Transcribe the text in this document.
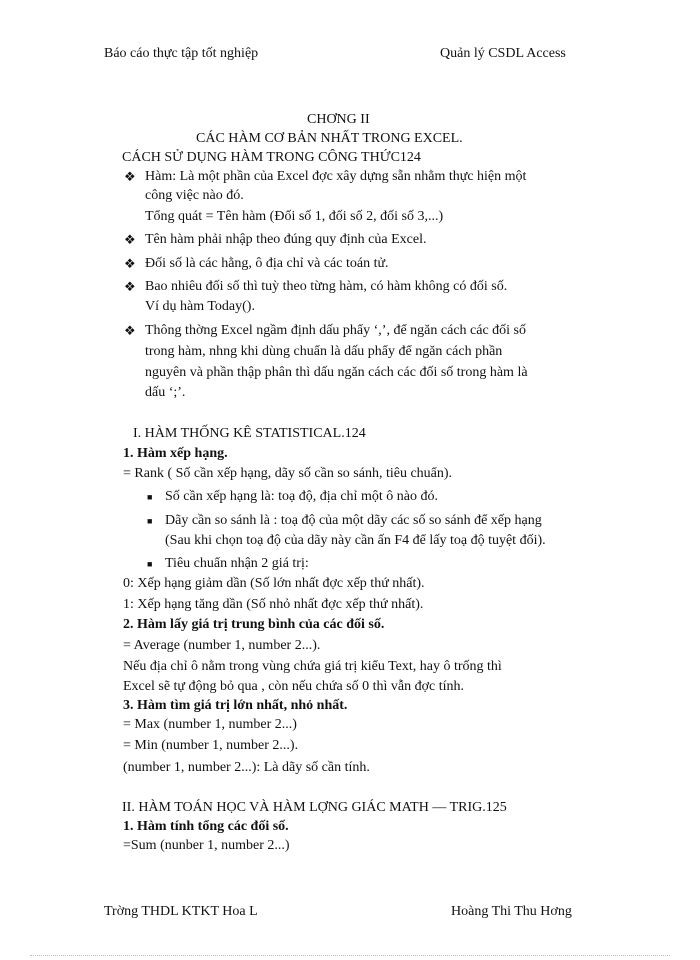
Báo cáo thực tập tốt nghiệp	Quản lý CSDL Access
CHƠNG II
CÁC HÀM CƠ BẢN NHẤT TRONG EXCEL.
CÁCH SỬ DỤNG HÀM TRONG CÔNG THỨC124
❖ Hàm: Là một phần của Excel đợc xây dựng sẵn nhằm thực hiện một
công việc nào đó.
Tổng quát = Tên hàm (Đối số 1, đối số 2, đối số 3,...)
❖ Tên hàm phải nhập theo đúng quy định của Excel.
❖ Đối số là các hằng, ô địa chỉ và các toán tử.
❖ Bao nhiêu đối số thì tuỳ theo từng hàm, có hàm không có đối số.
Ví dụ hàm Today().
❖ Thông thờng Excel ngầm định dấu phẩy ‘,’, để ngăn cách các đối số
trong hàm, nhng khi dùng chuẩn là dấu phẩy để ngăn cách phần
nguyên và phần thập phân thì dấu ngăn cách các đối số trong hàm là
dấu ‘;’.
I. HÀM THỐNG KÊ STATISTICAL.124
1. Hàm xếp hạng.
= Rank ( Số cần xếp hạng, dãy số cần so sánh, tiêu chuẩn).
■ Số cần xếp hạng là: toạ độ, địa chỉ một ô nào đó.
■ Dãy cần so sánh là : toạ độ của một dãy các số so sánh để xếp hạng
(Sau khi chọn toạ độ của dãy này cần ấn F4 để lấy toạ độ tuyệt đối).
■ Tiêu chuẩn nhận 2 giá trị:
0: Xếp hạng giảm dần (Số lớn nhất đợc xếp thứ nhất).
1: Xếp hạng tăng dần (Số nhỏ nhất đợc xếp thứ nhất).
2. Hàm lấy giá trị trung bình của các đối số.
= Average (number 1, number 2...).
Nếu địa chỉ ô nằm trong vùng chứa giá trị kiểu Text, hay ô trống thì
Excel sẽ tự động bỏ qua , còn nếu chứa số 0 thì vẫn đợc tính.
3. Hàm tìm giá trị lớn nhất, nhỏ nhất.
= Max (number 1, number 2...)
= Min (number 1, number 2...).
(number 1, number 2...): Là dãy số cần tính.
II. HÀM TOÁN HỌC VÀ HÀM LỢNG GIÁC MATH — TRIG.125
1. Hàm tính tổng các đối số.
=Sum (nunber 1, number 2...)
Trờng THDL KTKT Hoa L	Hoàng Thi Thu Hơng
